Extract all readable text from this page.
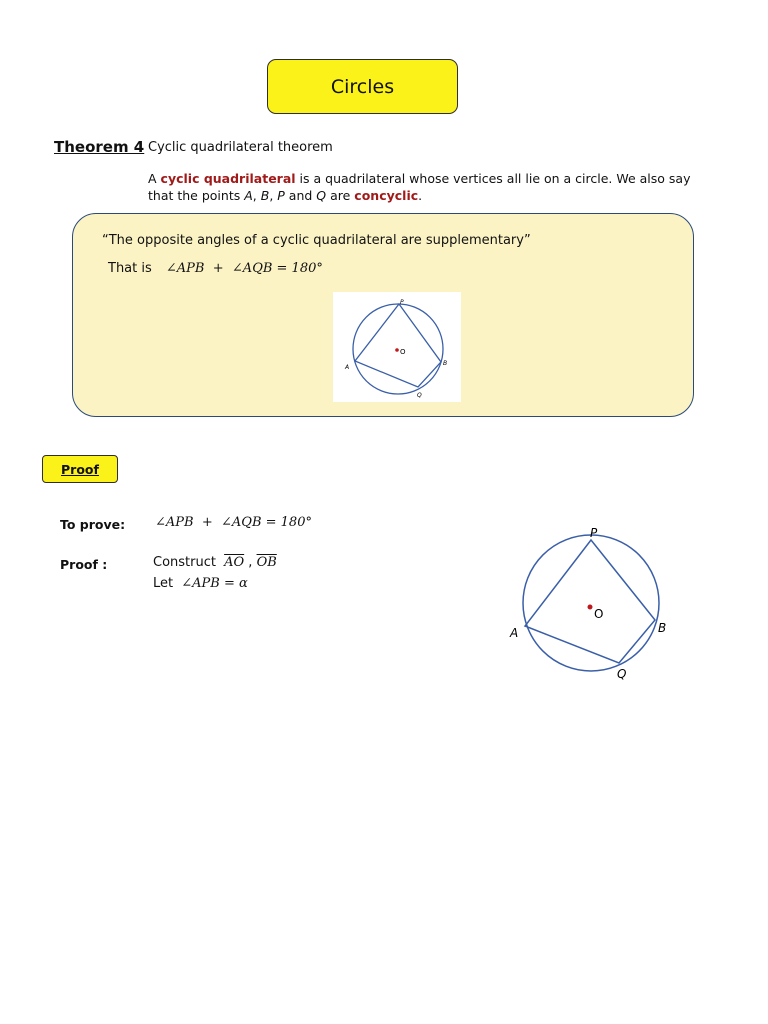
Circles
Theorem 4 Cyclic quadrilateral theorem
A cyclic quadrilateral is a quadrilateral whose vertices all lie on a circle. We also say that the points A, B, P and Q are concyclic.
“The opposite angles of a cyclic quadrilateral are supplementary”
That is ∠APB  +  ∠AQB = 180°
P
A
B
Q
O
Proof
To prove: ∠APB  +  ∠AQB = 180°
Proof :	Construct $\overline{AO}$ , $\overline{OB}$
Let ∠APB = α
P
A	B
Q
O
